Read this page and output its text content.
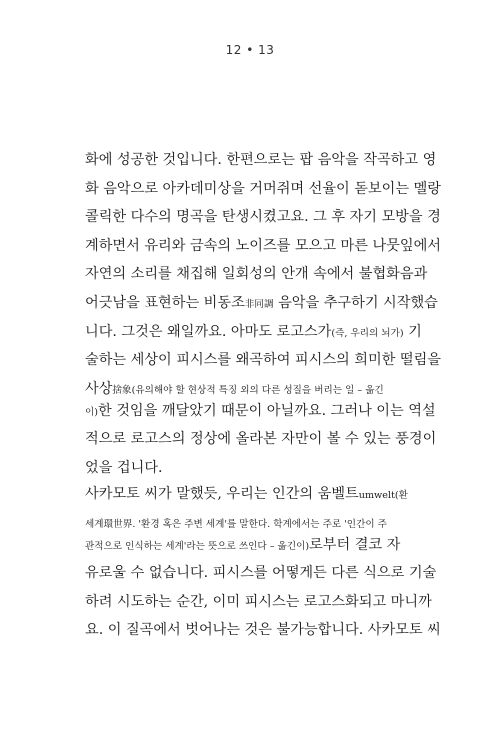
12 • 13
화에 성공한 것입니다. 한편으로는 팝 음악을 작곡하고 영
화 음악으로 아카데미상을 거머쥐며 선율이 돋보이는 멜랑
콜릭한 다수의 명곡을 탄생시켰고요. 그 후 자기 모방을 경
계하면서 유리와 금속의 노이즈를 모으고 마른 나뭇잎에서
자연의 소리를 채집해 일회성의 안개 속에서 불협화음과
어긋남을 표현하는 비동조非同調 음악을 추구하기 시작했습
니다. 그것은 왜일까요. 아마도 로고스가(즉, 우리의 뇌가) 기
술하는 세상이 피시스를 왜곡하여 피시스의 희미한 떨림을
사상捨象(유의해야 할 현상적 특징 외의 다른 성질을 버리는 일 – 옮긴
이)한 것임을 깨달았기 때문이 아닐까요. 그러나 이는 역설
적으로 로고스의 정상에 올라본 자만이 볼 수 있는 풍경이
었을 겁니다.
사카모토 씨가 말했듯, 우리는 인간의 움벨트umwelt(환
세계環世界. '환경 혹은 주변 세계'를 말한다. 학계에서는 주로 '인간이 주
관적으로 인식하는 세계'라는 뜻으로 쓰인다 – 옮긴이)로부터 결코 자
유로울 수 없습니다. 피시스를 어떻게든 다른 식으로 기술
하려 시도하는 순간, 이미 피시스는 로고스화되고 마니까
요. 이 질곡에서 벗어나는 것은 불가능합니다. 사카모토 씨
